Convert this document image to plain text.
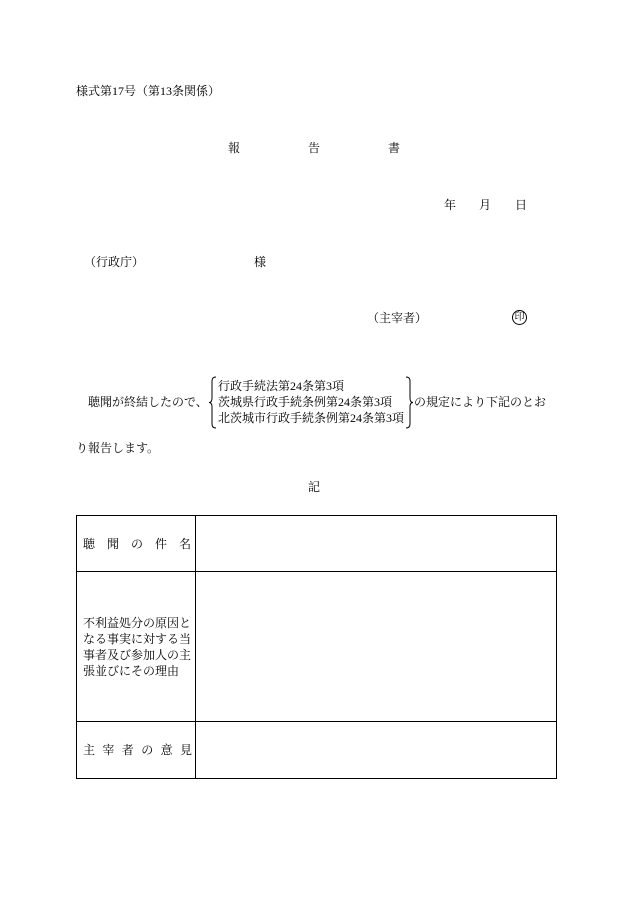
様式第17号（第13条関係）
報告書
年 月 日
（行政庁）	様
（主宰者）	印
聴聞が終結したので、
行政手続法第24条第3項
茨城県行政手続条例第24条第3項
北茨城市行政手続条例第24条第3項
の規定により下記のとお
り報告します。
記
聴聞の件名
不利益処分の原因となる事実に対する当事者及び参加人の主張並びにその理由
主宰者の意見
